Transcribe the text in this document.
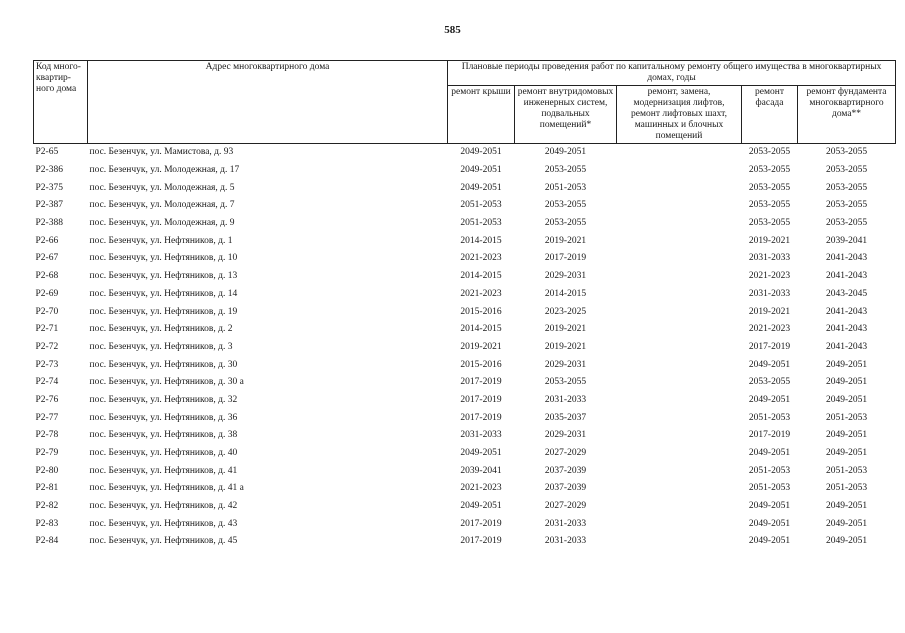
585
Код много-квартир-ного дома	Адрес многоквартирного дома	Плановые периоды проведения работ по капитальному ремонту общего имущества в многоквартирных домах, годы				
		ремонт крыши	ремонт внутридомовых инженерных систем, подвальных помещений*	ремонт, замена, модернизация лифтов, ремонт лифтовых шахт, машинных и блочных помещений	ремонт фасада	ремонт фундамента многоквартирного дома**
Р2-65	пос. Безенчук, ул. Мамистова, д. 93	2049-2051	2049-2051		2053-2055	2053-2055
Р2-386	пос. Безенчук, ул. Молодежная, д. 17	2049-2051	2053-2055		2053-2055	2053-2055
Р2-375	пос. Безенчук, ул. Молодежная, д. 5	2049-2051	2051-2053		2053-2055	2053-2055
Р2-387	пос. Безенчук, ул. Молодежная, д. 7	2051-2053	2053-2055		2053-2055	2053-2055
Р2-388	пос. Безенчук, ул. Молодежная, д. 9	2051-2053	2053-2055		2053-2055	2053-2055
Р2-66	пос. Безенчук, ул. Нефтяников, д. 1	2014-2015	2019-2021		2019-2021	2039-2041
Р2-67	пос. Безенчук, ул. Нефтяников, д. 10	2021-2023	2017-2019		2031-2033	2041-2043
Р2-68	пос. Безенчук, ул. Нефтяников, д. 13	2014-2015	2029-2031		2021-2023	2041-2043
Р2-69	пос. Безенчук, ул. Нефтяников, д. 14	2021-2023	2014-2015		2031-2033	2043-2045
Р2-70	пос. Безенчук, ул. Нефтяников, д. 19	2015-2016	2023-2025		2019-2021	2041-2043
Р2-71	пос. Безенчук, ул. Нефтяников, д. 2	2014-2015	2019-2021		2021-2023	2041-2043
Р2-72	пос. Безенчук, ул. Нефтяников, д. 3	2019-2021	2019-2021		2017-2019	2041-2043
Р2-73	пос. Безенчук, ул. Нефтяников, д. 30	2015-2016	2029-2031		2049-2051	2049-2051
Р2-74	пос. Безенчук, ул. Нефтяников, д. 30 а	2017-2019	2053-2055		2053-2055	2049-2051
Р2-76	пос. Безенчук, ул. Нефтяников, д. 32	2017-2019	2031-2033		2049-2051	2049-2051
Р2-77	пос. Безенчук, ул. Нефтяников, д. 36	2017-2019	2035-2037		2051-2053	2051-2053
Р2-78	пос. Безенчук, ул. Нефтяников, д. 38	2031-2033	2029-2031		2017-2019	2049-2051
Р2-79	пос. Безенчук, ул. Нефтяников, д. 40	2049-2051	2027-2029		2049-2051	2049-2051
Р2-80	пос. Безенчук, ул. Нефтяников, д. 41	2039-2041	2037-2039		2051-2053	2051-2053
Р2-81	пос. Безенчук, ул. Нефтяников, д. 41 а	2021-2023	2037-2039		2051-2053	2051-2053
Р2-82	пос. Безенчук, ул. Нефтяников, д. 42	2049-2051	2027-2029		2049-2051	2049-2051
Р2-83	пос. Безенчук, ул. Нефтяников, д. 43	2017-2019	2031-2033		2049-2051	2049-2051
Р2-84	пос. Безенчук, ул. Нефтяников, д. 45	2017-2019	2031-2033		2049-2051	2049-2051
